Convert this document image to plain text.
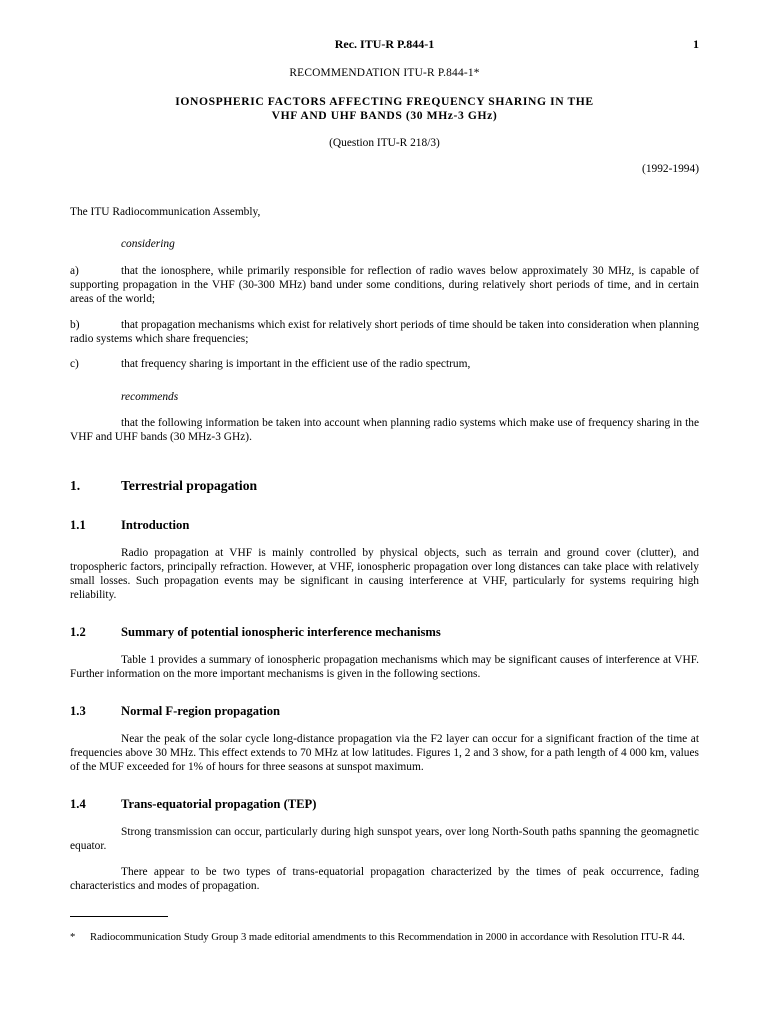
Rec. ITU-R P.844-1	1
RECOMMENDATION ITU-R P.844-1*
IONOSPHERIC FACTORS AFFECTING FREQUENCY SHARING IN THE
VHF AND UHF BANDS (30 MHz-3 GHz)
(Question ITU-R 218/3)
(1992-1994)

The ITU Radiocommunication Assembly,

considering
a)	that the ionosphere, while primarily responsible for reflection of radio waves below approximately 30 MHz, is capable of supporting propagation in the VHF (30-300 MHz) band under some conditions, during relatively short periods of time, and in certain areas of the world;

b)	that propagation mechanisms which exist for relatively short periods of time should be taken into consideration when planning radio systems which share frequencies;

c)	that frequency sharing is important in the efficient use of the radio spectrum,

recommends

that the following information be taken into account when planning radio systems which make use of frequency sharing in the VHF and UHF bands (30 MHz-3 GHz).

1.	Terrestrial propagation
1.1	Introduction

Radio propagation at VHF is mainly controlled by physical objects, such as terrain and ground cover (clutter), and tropospheric factors, principally refraction. However, at VHF, ionospheric propagation over long distances can take place with relatively small losses. Such propagation events may be significant in causing interference at VHF, particularly for systems requiring high reliability.

1.2	Summary of potential ionospheric interference mechanisms

Table 1 provides a summary of ionospheric propagation mechanisms which may be significant causes of interference at VHF. Further information on the more important mechanisms is given in the following sections.

1.3	Normal F-region propagation

Near the peak of the solar cycle long-distance propagation via the F2 layer can occur for a significant fraction of the time at frequencies above 30 MHz. This effect extends to 70 MHz at low latitudes. Figures 1, 2 and 3 show, for a path length of 4 000 km, values of the MUF exceeded for 1% of hours for three seasons at sunspot maximum.

1.4	Trans-equatorial propagation (TEP)

Strong transmission can occur, particularly during high sunspot years, over long North-South paths spanning the geomagnetic equator.

There appear to be two types of trans-equatorial propagation characterized by the times of peak occurrence, fading characteristics and modes of propagation.

* Radiocommunication Study Group 3 made editorial amendments to this Recommendation in 2000 in accordance with Resolution ITU-R 44.
